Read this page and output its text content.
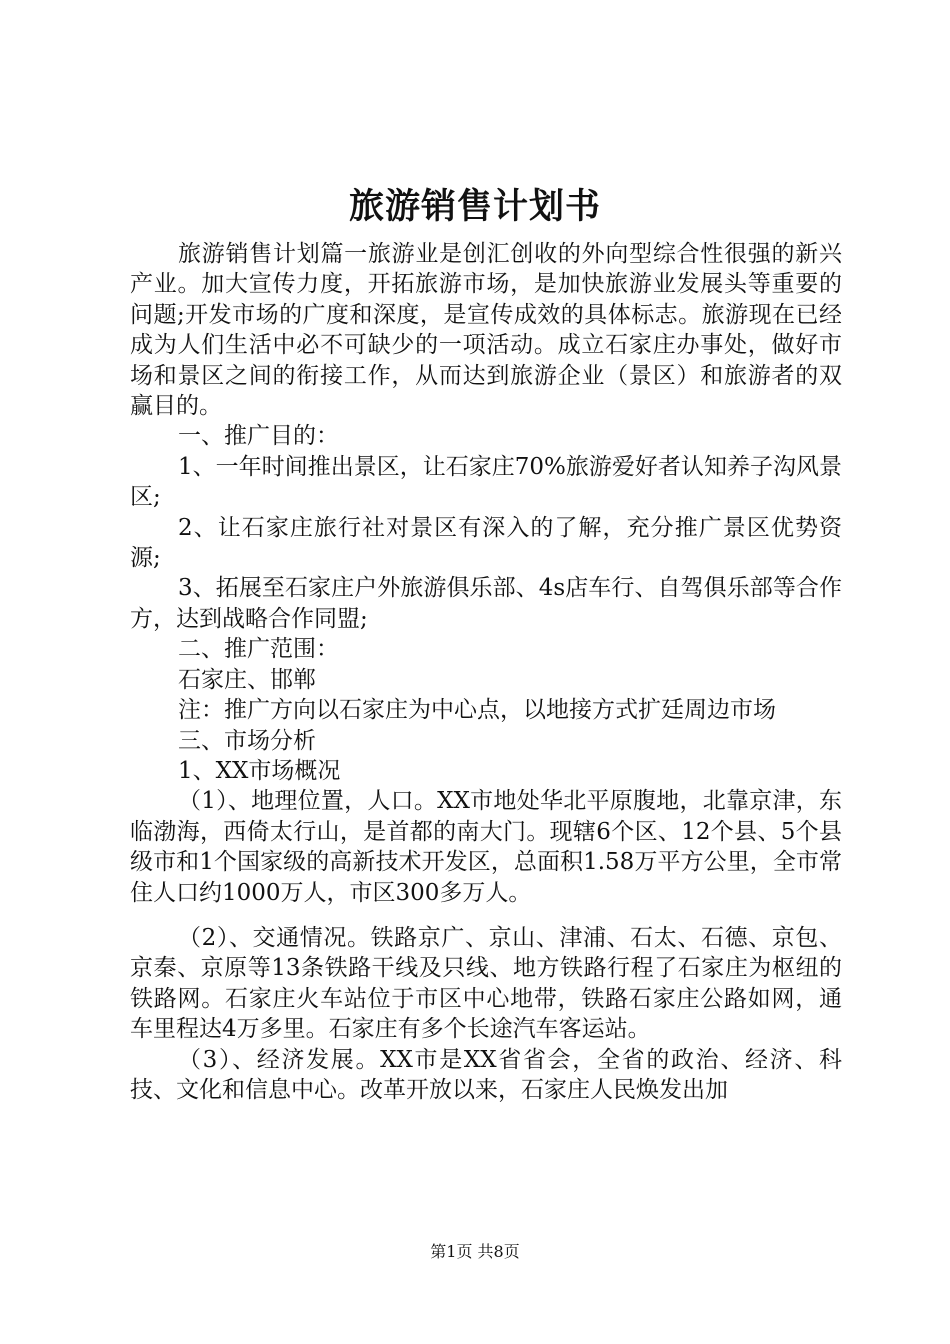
旅游销售计划书

旅游销售计划篇一旅游业是创汇创收的外向型综合性很强的新兴产业。加大宣传力度，开拓旅游市场，是加快旅游业发展头等重要的问题;开发市场的广度和深度，是宣传成效的具体标志。旅游现在已经成为人们生活中必不可缺少的一项活动。成立石家庄办事处，做好市场和景区之间的衔接工作，从而达到旅游企业（景区）和旅游者的双赢目的。

一、推广目的：

1、一年时间推出景区，让石家庄70%旅游爱好者认知养子沟风景区;

2、让石家庄旅行社对景区有深入的了解，充分推广景区优势资源;

3、拓展至石家庄户外旅游俱乐部、4s店车行、自驾俱乐部等合作方，达到战略合作同盟;

二、推广范围：

石家庄、邯郸

注：推广方向以石家庄为中心点，以地接方式扩廷周边市场

三、市场分析

1、XX市场概况

（1）、地理位置，人口。XX市地处华北平原腹地，北靠京津，东临渤海，西倚太行山，是首都的南大门。现辖6个区、12个县、5个县级市和1个国家级的高新技术开发区，总面积1.58万平方公里，全市常住人口约1000万人，市区300多万人。

（2）、交通情况。铁路京广、京山、津浦、石太、石德、京包、京秦、京原等13条铁路干线及只线、地方铁路行程了石家庄为枢纽的铁路网。石家庄火车站位于市区中心地带，铁路石家庄公路如网，通车里程达4万多里。石家庄有多个长途汽车客运站。

（3）、经济发展。XX市是XX省省会，全省的政治、经济、科技、文化和信息中心。改革开放以来，石家庄人民焕发出加

第1页 共8页
